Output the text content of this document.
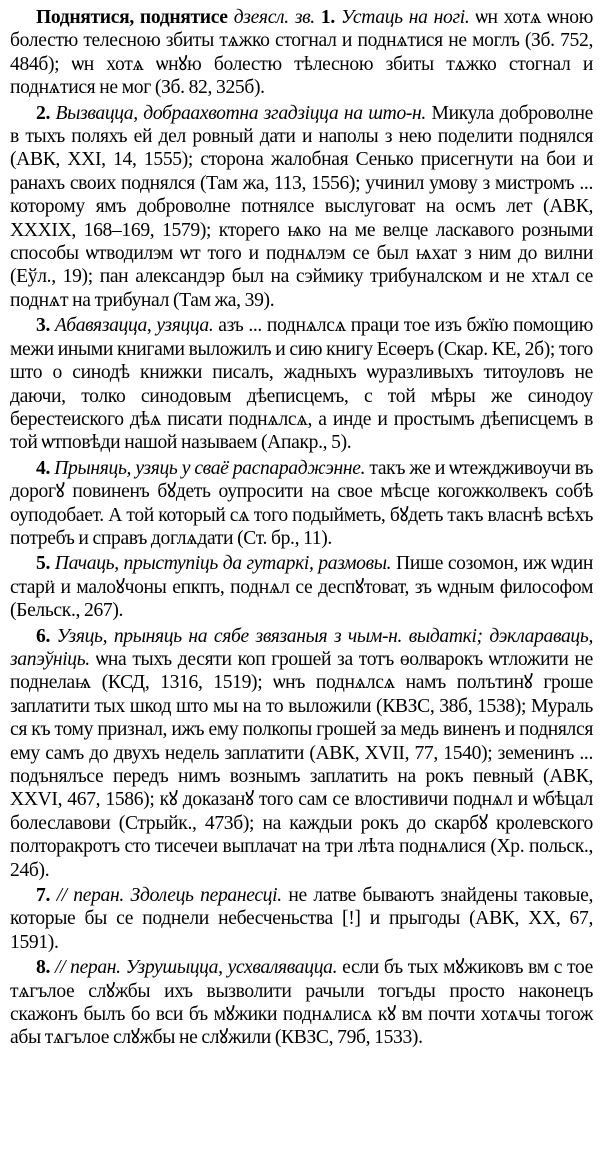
Поднятися, поднятисе дзеясл. зв. 1. Устаць на ногі. ѡн хотѧ ѡною болестю телесною збиты тѧжко стогнал и поднѧтися не моглъ (Зб. 752, 484б); ѡн хотѧ ѡнꙋю болестю тѣлесною збиты тѧжко стогнал и поднѧтися не мог (Зб. 82, 325б).

2. Вызваццa, добраахвотна згадзіцца на што-н. Микула доброволне в тыхъ поляхъ ей дел ровный дати и наполы з нею поделити поднялся (АВК, XXI, 14, 1555); сторона жалобная Сенько присегнути на бои и ранахъ своих поднялся (Там жа, 113, 1556); учинил умову з мистромъ ... которому ямъ доброволне потнялсе выслуговат на осмъ лет (АВК, XXXIX, 168–169, 1579); кторего ѩко на ме велце ласкавого розными способы ѡтводилэм ѡт того и поднѧлэм се был ѩхат з ним до вилни (Еўл., 19); пан александэр был на сэймику трибуналском и не хтѧл се поднѧт на трибунал (Там жа, 39).

3. Абавязаццa, узяццa. азъ ... поднѧлсѧ праци тое изъ бжїю помощию межи иными книгами выложилъ и сию книгу Есөеръ (Скар. КЕ, 2б); того што о синодѣ книжки писалъ, жадныхъ ѡуразливыхъ титоуловъ не даючи, толко синодовым дѣеписцемъ, с той мѣры же синодоу берестеиского дѣѧ писати поднѧлсѧ, а инде и простымъ дѣеписцемъ в той ѡтповѣди нашой называем (Апакр., 5).

4. Прыняць, узяць у сваё распараджэнне. такъ же и ѡтеждживоучи въ дорогꙋ повиненъ бꙋдеть оупросити на свое мѣсце когожколвекъ собѣ оуподобает. А той который сѧ того подыйметь, бꙋдеть такъ власнѣ всѣхъ потребъ и справъ доглѧдати (Ст. бр., 11).

5. Пачаць, прыступіць да гутаркі, размовы. Пише созомон, иж ѡдин старӥ и малоꙋчоны епкпъ, поднѧл се деспꙋтоват, зъ ѡдным философом (Бельск., 267).

6. Узяць, прыняць на сябе звязаныя з чым-н. выдаткі; дэклараваць, запэўніць. ѡна тыхъ десяти коп грошей за тотъ өолварокъ ѡтложити не поднелаѩ (КСД, 1316, 1519); ѡнъ поднѧлсѧ намъ полътинꙋ гроше заплатити тых шкод што мы на то выложили (КВЗС, 38б, 1538); Мураль ся къ тому признал, ижъ ему полкопы грошей за медь виненъ и поднялся ему самъ до двухъ недель заплатити (АВК, XVII, 77, 1540); земенинъ ... подънялъсе передъ нимъ вознымъ заплатить на рокъ певный (АВК, XXVI, 467, 1586); кꙋ доказанꙋ того сам се влостивичи поднѧл и ѡбѣцал болеславови (Стрыйк., 473б); на каждыи рокъ до скарбꙋ кролевского полторакротъ сто тисечеи выплачат на три лѣта поднѧлися (Хр. польск., 24б).

7. // перан. Здолець перанесці. не латве бываютъ знайдены таковые, которые бы се поднели небесченьства [!] и прыгоды (АВК, XX, 67, 1591).

8. // перан. Узрушыццa, усхваляваццa. если бъ тых мꙋжиковъ вм с тое тѧгълое слꙋжбы ихъ вызволити рачыли тогъды просто наконецъ скажонъ былъ бо вси бъ мꙋжики поднѧлисѧ кꙋ вм почти хотѧчы тогож абы тѧгълое слꙋжбы не слꙋжили (КВЗС, 79б, 1533).
